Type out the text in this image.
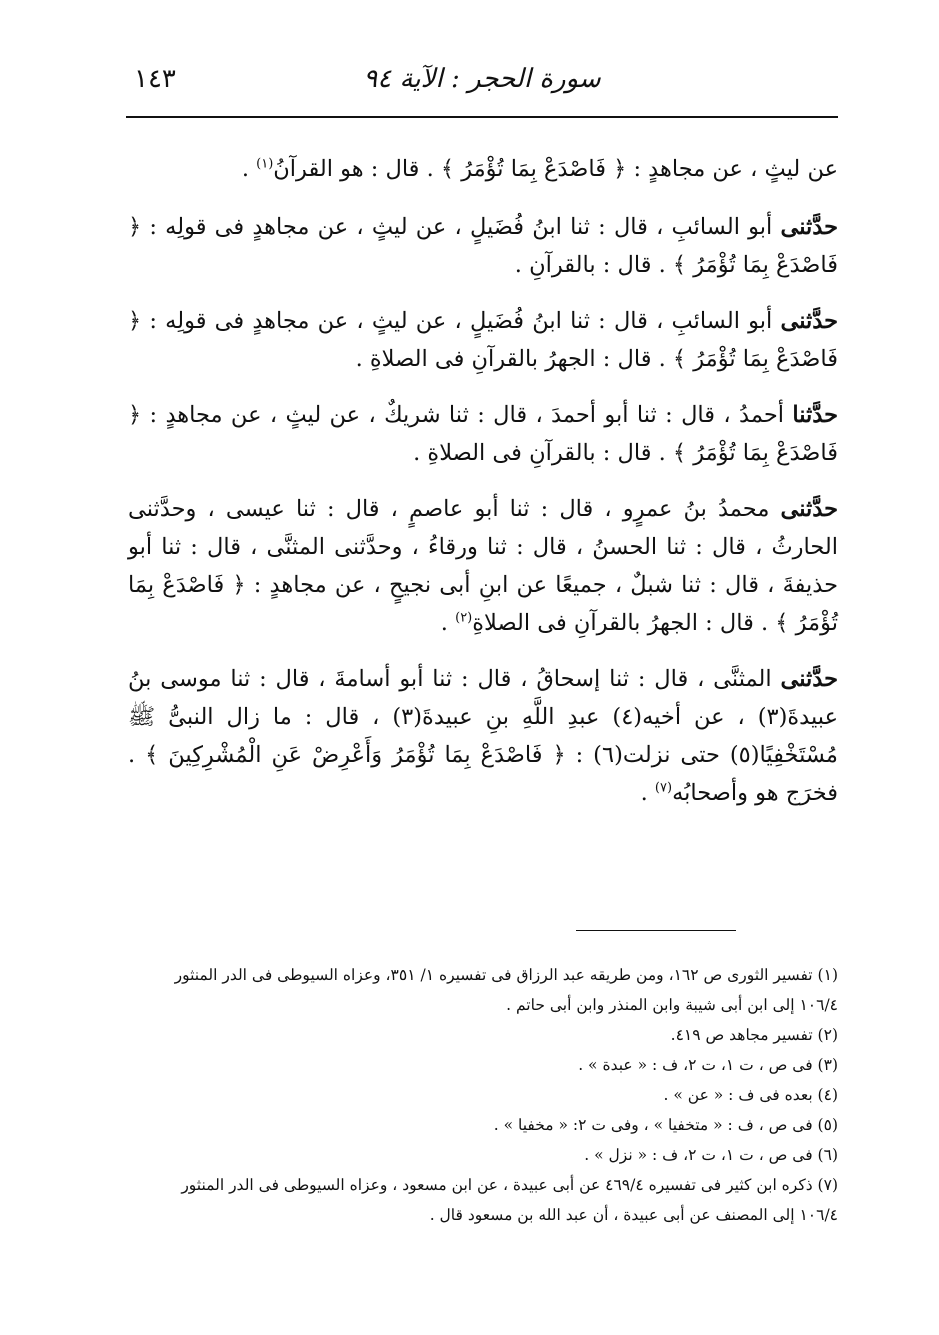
سورة الحجر : الآية ٩٤
١٤٣

عن ليثٍ ، عن مجاهدٍ : ﴿ فَاصْدَعْ بِمَا تُؤْمَرُ ﴾ . قال : هو القرآنُ$^{(١)}$ .

حدَّثنى أبو السائبِ ، قال : ثنا ابنُ فُضَيلٍ ، عن ليثٍ ، عن مجاهدٍ فى قولِه : ﴿ فَاصْدَعْ بِمَا تُؤْمَرُ ﴾ . قال : بالقرآنِ .

حدَّثنى أبو السائبِ ، قال : ثنا ابنُ فُضَيلٍ ، عن ليثٍ ، عن مجاهدٍ فى قولِه : ﴿ فَاصْدَعْ بِمَا تُؤْمَرُ ﴾ . قال : الجهرُ بالقرآنِ فى الصلاةِ .

حدَّثنا أحمدُ ، قال : ثنا أبو أحمدَ ، قال : ثنا شريكٌ ، عن ليثٍ ، عن مجاهدٍ : ﴿ فَاصْدَعْ بِمَا تُؤْمَرُ ﴾ . قال : بالقرآنِ فى الصلاةِ .

حدَّثنى محمدُ بنُ عمرٍو ، قال : ثنا أبو عاصمٍ ، قال : ثنا عيسى ، وحدَّثنى الحارثُ ، قال : ثنا الحسنُ ، قال : ثنا ورقاءُ ، وحدَّثنى المثنَّى ، قال : ثنا أبو حذيفةَ ، قال : ثنا شبلٌ ، جميعًا عن ابنِ أبى نجيحٍ ، عن مجاهدٍ : ﴿ فَاصْدَعْ بِمَا تُؤْمَرُ ﴾ . قال : الجهرُ بالقرآنِ فى الصلاةِ$^{(٢)}$ .

حدَّثنى المثنَّى ، قال : ثنا إسحاقُ ، قال : ثنا أبو أسامةَ ، قال : ثنا موسى بنُ عبيدةَ(٣) ، عن أخيه(٤) عبدِ اللَّهِ بنِ عبيدةَ(٣) ، قال : ما زال النبىُّ ﷺ مُسْتَخْفِيًا(٥) حتى نزلت(٦) : ﴿ فَاصْدَعْ بِمَا تُؤْمَرُ وَأَعْرِضْ عَنِ الْمُشْرِكِينَ ﴾ . فخرَج هو وأصحابُه$^{(٧)}$ .

(١) تفسير الثورى ص ١٦٢، ومن طريقه عبد الرزاق فى تفسيره ١/ ٣٥١، وعزاه السيوطى فى الدر المنثور
١٠٦/٤ إلى ابن أبى شيبة وابن المنذر وابن أبى حاتم .

(٢) تفسير مجاهد ص ٤١٩.

(٣) فى ص ، ت ١، ت ٢، ف : « عبدة » .

(٤) بعده فى ف : « عن » .

(٥) فى ص ، ف : « متخفيا » ، وفى ت ٢: « مخفيا » .

(٦) فى ص ، ت ١، ت ٢، ف : « نزل » .

(٧) ذكره ابن كثير فى تفسيره ٤٦٩/٤ عن أبى عبيدة ، عن ابن مسعود ، وعزاه السيوطى فى الدر المنثور
١٠٦/٤ إلى المصنف عن أبى عبيدة ، أن عبد الله بن مسعود قال .
